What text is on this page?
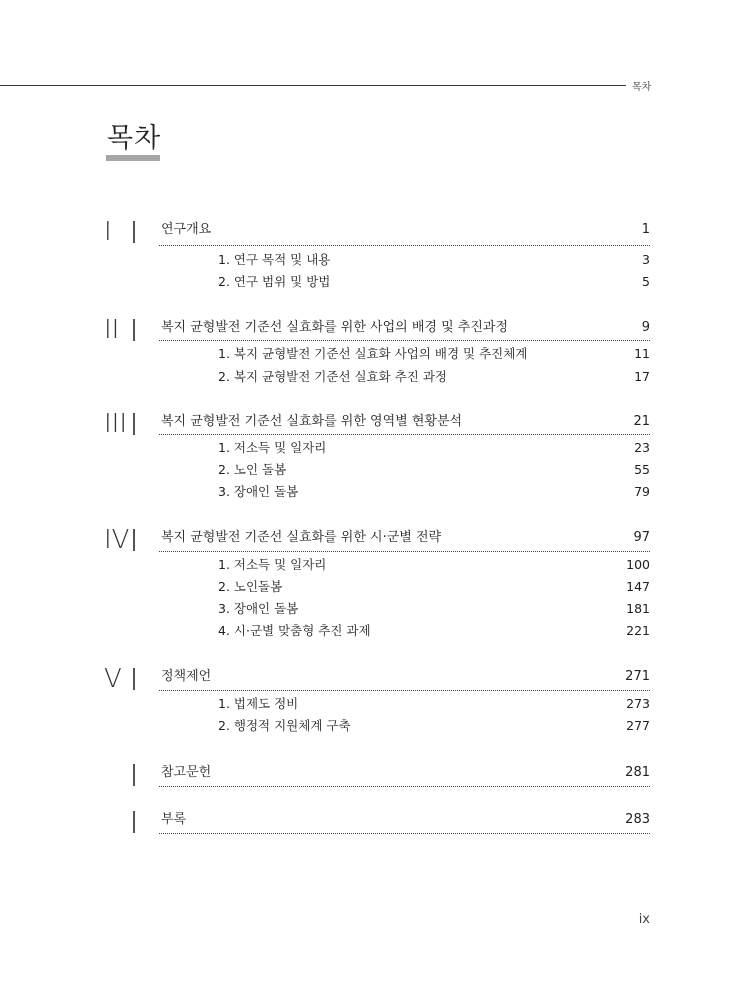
목차
목차
I	연구개요	1
1. 연구 목적 및 내용	3
2. 연구 범위 및 방법	5
II	복지 균형발전 기준선 실효화를 위한 사업의 배경 및 추진과정	9
1. 복지 균형발전 기준선 실효화 사업의 배경 및 추진체계	11
2. 복지 균형발전 기준선 실효화 추진 과정	17
III	복지 균형발전 기준선 실효화를 위한 영역별 현황분석	21
1. 저소득 및 일자리	23
2. 노인 돌봄	55
3. 장애인 돌봄	79
IV 복지 균형발전 기준선 실효화를 위한 시·군별 전략	97
1. 저소득 및 일자리	100
2. 노인돌봄	147
3. 장애인 돌봄	181
4. 시·군별 맞춤형 추진 과제	221
V	정책제언	271
1. 법제도 정비	273
2. 행정적 지원체계 구축	277
참고문헌	281
부록	283
ix
